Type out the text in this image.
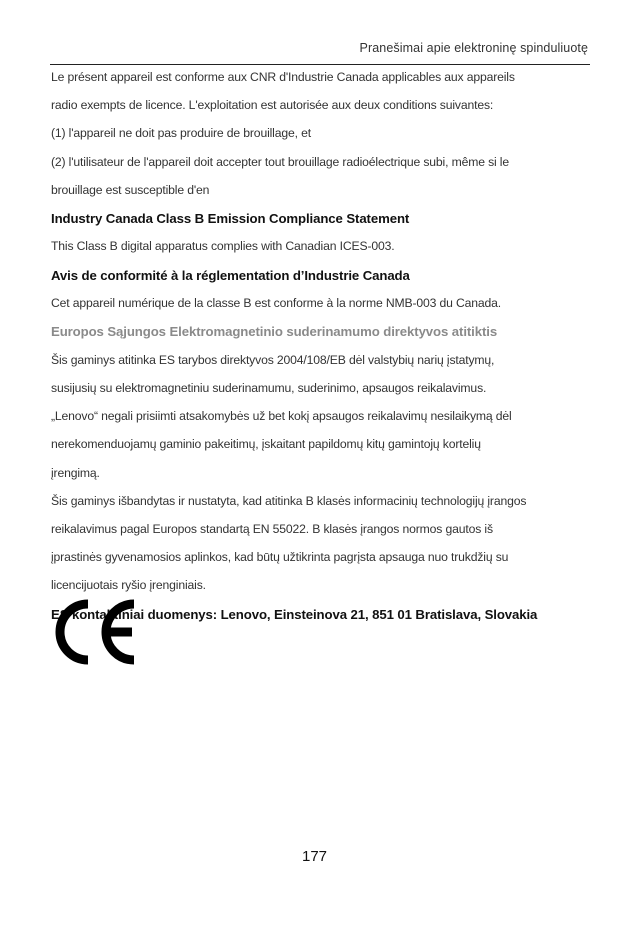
Pranešimai apie elektroninę spinduliuotę
Le présent appareil est conforme aux CNR d'Industrie Canada applicables aux appareils
radio exempts de licence. L'exploitation est autorisée aux deux conditions suivantes:
(1) l'appareil ne doit pas produire de brouillage, et
(2) l'utilisateur de l'appareil doit accepter tout brouillage radioélectrique subi, même si le
brouillage est susceptible d'en
Industry Canada Class B Emission Compliance Statement
This Class B digital apparatus complies with Canadian ICES-003.
Avis de conformité à la réglementation d’Industrie Canada
Cet appareil numérique de la classe B est conforme à la norme NMB-003 du Canada.
Europos Sąjungos Elektromagnetinio suderinamumo direktyvos atitiktis
Šis gaminys atitinka ES tarybos direktyvos 2004/108/EB dėl valstybių narių įstatymų,
susijusių su elektromagnetiniu suderinamumu, suderinimo, apsaugos reikalavimus.
„Lenovo“ negali prisiimti atsakomybės už bet kokį apsaugos reikalavimų nesilaikymą dėl
nerekomenduojamų gaminio pakeitimų, įskaitant papildomų kitų gamintojų kortelių
įrengimą.
Šis gaminys išbandytas ir nustatyta, kad atitinka B klasės informacinių technologijų įrangos
reikalavimus pagal Europos standartą EN 55022. B klasės įrangos normos gautos iš
įprastinės gyvenamosios aplinkos, kad būtų užtikrinta pagrįsta apsauga nuo trukdžių su
licencijuotais ryšio įrenginiais.
ES kontaktiniai duomenys: Lenovo, Einsteinova 21, 851 01 Bratislava, Slovakia
177
